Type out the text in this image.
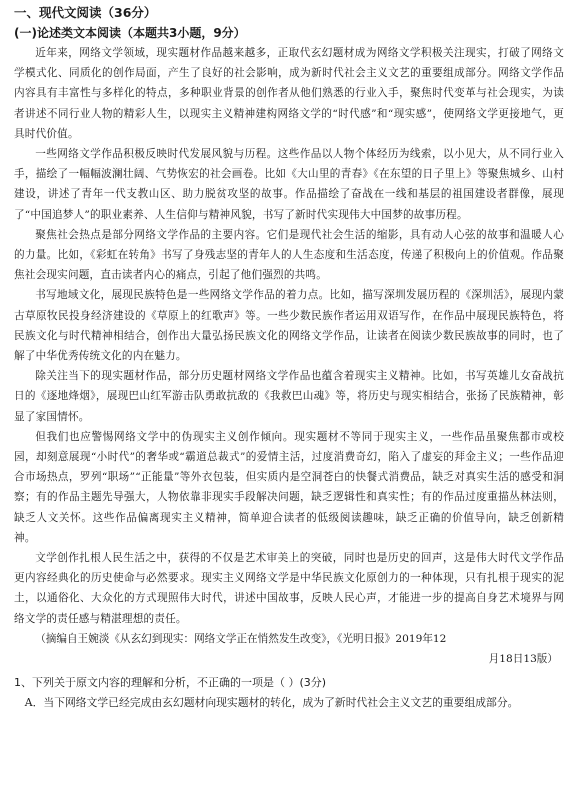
一、现代文阅读（36分）
(一)论述类文本阅读（本题共3小题，9分）

近年来，网络文学领域，现实题材作品越来越多，正取代玄幻题材成为网络文学积极关注现实，打破了网络文学模式化、同质化的创作局面，产生了良好的社会影响，成为新时代社会主义文艺的重要组成部分。网络文学作品内容具有丰富性与多样化的特点，多种职业背景的创作者从他们熟悉的行业入手，聚焦时代变革与社会现实，为读者讲述不同行业人物的精彩人生，以现实主义精神建构网络文学的“时代感”和“现实感”，使网络文学更接地气，更具时代价值。

一些网络文学作品积极反映时代发展风貌与历程。这些作品以人物个体经历为线索，以小见大，从不同行业入手，描绘了一幅幅波澜壮阔、气势恢宏的社会画卷。比如《大山里的青春》《在东望的日子里上》等聚焦城乡、山村建设，讲述了青年一代支教山区、助力脱贫攻坚的故事。作品描绘了奋战在一线和基层的祖国建设者群像，展现了“中国追梦人”的职业素养、人生信仰与精神风貌，书写了新时代实现伟大中国梦的故事历程。

聚焦社会热点是部分网络文学作品的主要内容。它们是现代社会生活的缩影，具有动人心弦的故事和温暖人心的力量。比如，《彩虹在转角》书写了身残志坚的青年人的人生态度和生活态度，传递了积极向上的价值观。作品聚焦社会现实问题，直击读者内心的痛点，引起了他们强烈的共鸣。

书写地域文化，展现民族特色是一些网络文学作品的着力点。比如，描写深圳发展历程的《深圳活》，展现内蒙古草原牧民投身经济建设的《草原上的红歌声》等。一些少数民族作者运用双语写作，在作品中展现民族特色，将民族文化与时代精神相结合，创作出大量弘扬民族文化的网络文学作品，让读者在阅读少数民族故事的同时，也了解了中华优秀传统文化的内在魅力。

除关注当下的现实题材作品，部分历史题材网络文学作品也蕴含着现实主义精神。比如，书写英雄儿女奋战抗日的《逐地烽烟》，展现巴山红军游击队勇敢抗敌的《我救巴山魂》等，将历史与现实相结合，张扬了民族精神，彰显了家国情怀。

但我们也应警惕网络文学中的伪现实主义创作倾向。现实题材不等同于现实主义，一些作品虽聚焦都市或校园，却刻意展现“小时代”的奢华或“霸道总裁式”的爱情主活，过度消费奇幻，陷入了虚妄的拜金主义；一些作品迎合市场热点，罗列“职场”“正能量”等外衣包装，但实质内是空洞苍白的快餐式消费品，缺乏对真实生活的感受和洞察；有的作品主题先导强大，人物依靠非现实手段解决问题，缺乏逻辑性和真实性；有的作品过度重描丛林法则，缺乏人文关怀。这些作品偏离现实主义精神，简单迎合读者的低级阅读趣味，缺乏正确的价值导向，缺乏创新精神。

文学创作扎根人民生活之中，获得的不仅是艺术审美上的突破，同时也是历史的回声，这是伟大时代文学作品更内容经典化的历史使命与必然要求。现实主义网络文学是中华民族文化原创力的一种体现，只有扎根于现实的泥土，以通俗化、大众化的方式现照伟大时代，讲述中国故事，反映人民心声，才能进一步的提高自身艺术境界与网络文学的责任感与精湛理想的责任。

（摘编自王婉淡《从玄幻到现实：网络文学正在悄然发生改变》，《光明日报》2019年12
月18日13版）
1、下列关于原文内容的理解和分析，不正确的一项是（ ）(3分)
A．当下网络文学已经完成由玄幻题材向现实题材的转化，成为了新时代社会主义文艺的重要组成部分。
